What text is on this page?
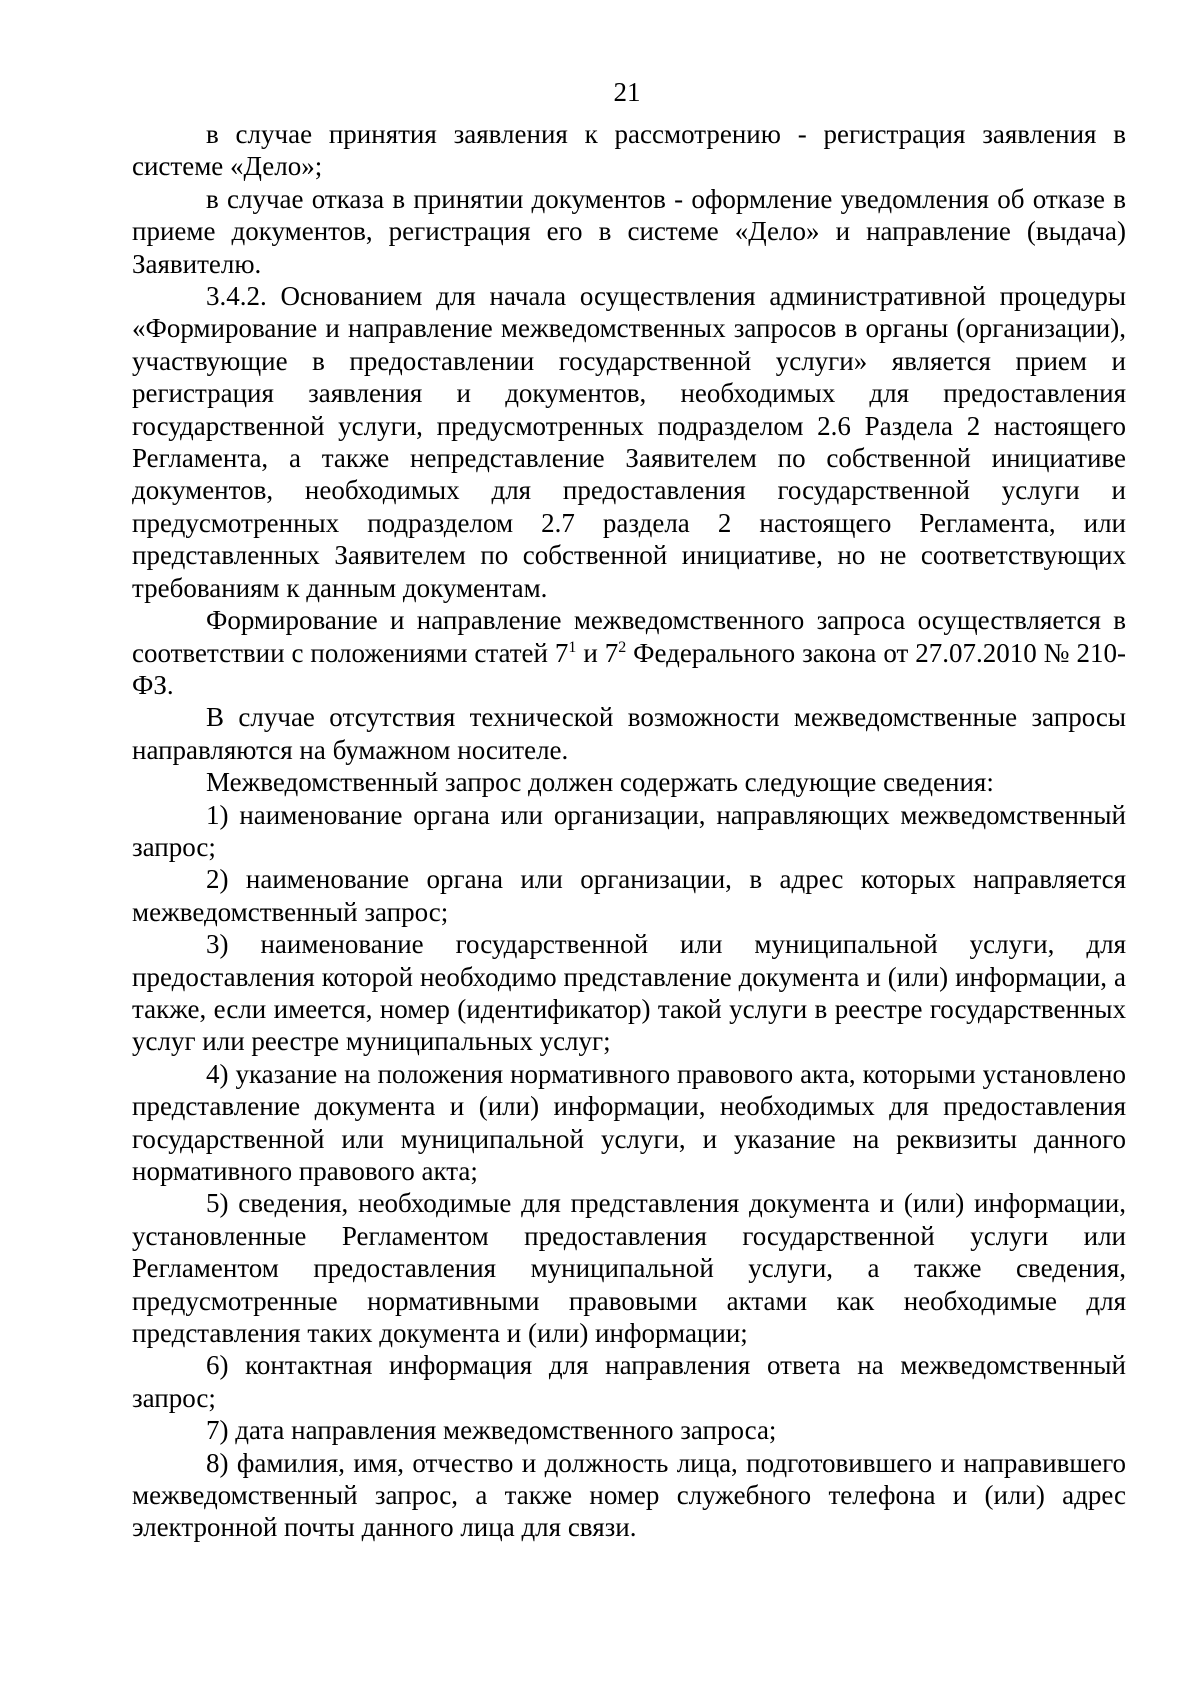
21

в случае принятия заявления к рассмотрению - регистрация заявления в системе «Дело»;

в случае отказа в принятии документов - оформление уведомления об отказе в приеме документов, регистрация его в системе «Дело» и направление (выдача) Заявителю.

3.4.2. Основанием для начала осуществления административной процедуры «Формирование и направление межведомственных запросов в органы (организации), участвующие в предоставлении государственной услуги» является прием и регистрация заявления и документов, необходимых для предоставления государственной услуги, предусмотренных подразделом 2.6 Раздела 2 настоящего Регламента, а также непредставление Заявителем по собственной инициативе документов, необходимых для предоставления государственной услуги и предусмотренных подразделом 2.7 раздела 2 настоящего Регламента, или представленных Заявителем по собственной инициативе, но не соответствующих требованиям к данным документам.

Формирование и направление межведомственного запроса осуществляется в соответствии с положениями статей $7^1$ и $7^2$ Федерального закона от 27.07.2010 № 210-ФЗ.

В случае отсутствия технической возможности межведомственные запросы направляются на бумажном носителе.

Межведомственный запрос должен содержать следующие сведения:

1) наименование органа или организации, направляющих межведомственный запрос;

2) наименование органа или организации, в адрес которых направляется межведомственный запрос;

3) наименование государственной или муниципальной услуги, для предоставления которой необходимо представление документа и (или) информации, а также, если имеется, номер (идентификатор) такой услуги в реестре государственных услуг или реестре муниципальных услуг;

4) указание на положения нормативного правового акта, которыми установлено представление документа и (или) информации, необходимых для предоставления государственной или муниципальной услуги, и указание на реквизиты данного нормативного правового акта;

5) сведения, необходимые для представления документа и (или) информации, установленные Регламентом предоставления государственной услуги или Регламентом предоставления муниципальной услуги, а также сведения, предусмотренные нормативными правовыми актами как необходимые для представления таких документа и (или) информации;

6) контактная информация для направления ответа на межведомственный запрос;

7) дата направления межведомственного запроса;

8) фамилия, имя, отчество и должность лица, подготовившего и направившего межведомственный запрос, а также номер служебного телефона и (или) адрес электронной почты данного лица для связи.
